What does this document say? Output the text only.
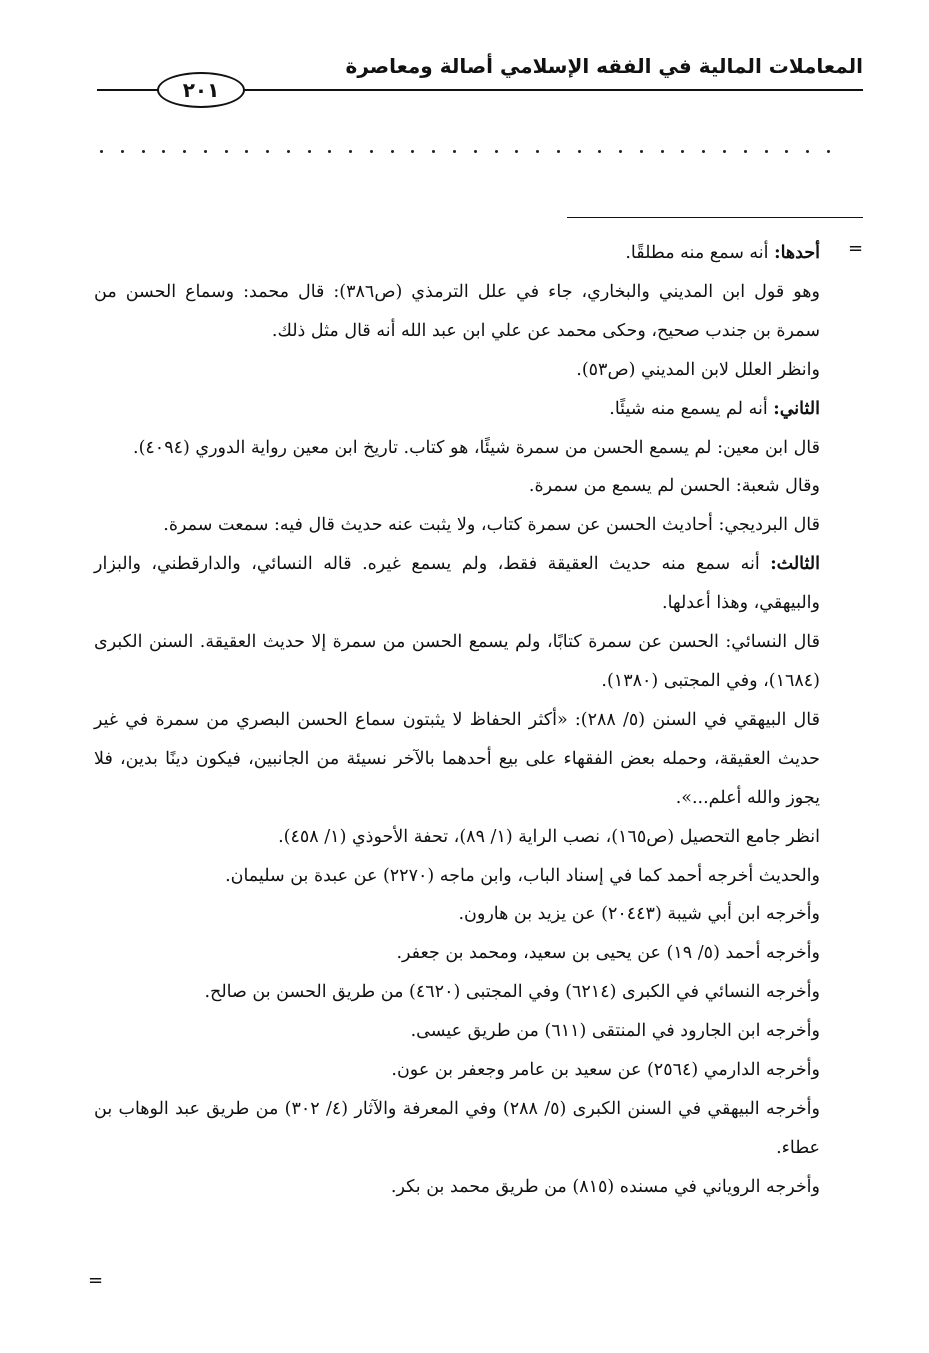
المعاملات المالية في الفقه الإسلامي أصالة ومعاصرة
٢٠١
=
=

أحدها: أنه سمع منه مطلقًا.

وهو قول ابن المديني والبخاري، جاء في علل الترمذي (ص٣٨٦): قال محمد: وسماع الحسن من سمرة بن جندب صحيح، وحكى محمد عن علي ابن عبد الله أنه قال مثل ذلك.

وانظر العلل لابن المديني (ص٥٣).

الثاني: أنه لم يسمع منه شيئًا.

قال ابن معين: لم يسمع الحسن من سمرة شيئًا، هو كتاب. تاريخ ابن معين رواية الدوري (٤٠٩٤).

وقال شعبة: الحسن لم يسمع من سمرة.

قال البرديجي: أحاديث الحسن عن سمرة كتاب، ولا يثبت عنه حديث قال فيه: سمعت سمرة.

الثالث: أنه سمع منه حديث العقيقة فقط، ولم يسمع غيره. قاله النسائي، والدارقطني، والبزار والبيهقي، وهذا أعدلها.

قال النسائي: الحسن عن سمرة كتابًا، ولم يسمع الحسن من سمرة إلا حديث العقيقة. السنن الكبرى (١٦٨٤)، وفي المجتبى (١٣٨٠).

قال البيهقي في السنن (٥/ ٢٨٨): «أكثر الحفاظ لا يثبتون سماع الحسن البصري من سمرة في غير حديث العقيقة، وحمله بعض الفقهاء على بيع أحدهما بالآخر نسيئة من الجانبين، فيكون دينًا بدين، فلا يجوز والله أعلم...».

انظر جامع التحصيل (ص١٦٥)، نصب الراية (١/ ٨٩)، تحفة الأحوذي (١/ ٤٥٨).

والحديث أخرجه أحمد كما في إسناد الباب، وابن ماجه (٢٢٧٠) عن عبدة بن سليمان.

وأخرجه ابن أبي شيبة (٢٠٤٤٣) عن يزيد بن هارون.

وأخرجه أحمد (٥/ ١٩) عن يحيى بن سعيد، ومحمد بن جعفر.

وأخرجه النسائي في الكبرى (٦٢١٤) وفي المجتبى (٤٦٢٠) من طريق الحسن بن صالح.

وأخرجه ابن الجارود في المنتقى (٦١١) من طريق عيسى.

وأخرجه الدارمي (٢٥٦٤) عن سعيد بن عامر وجعفر بن عون.

وأخرجه البيهقي في السنن الكبرى (٥/ ٢٨٨) وفي المعرفة والآثار (٤/ ٣٠٢) من طريق عبد الوهاب بن عطاء.

وأخرجه الروياني في مسنده (٨١٥) من طريق محمد بن بكر.
